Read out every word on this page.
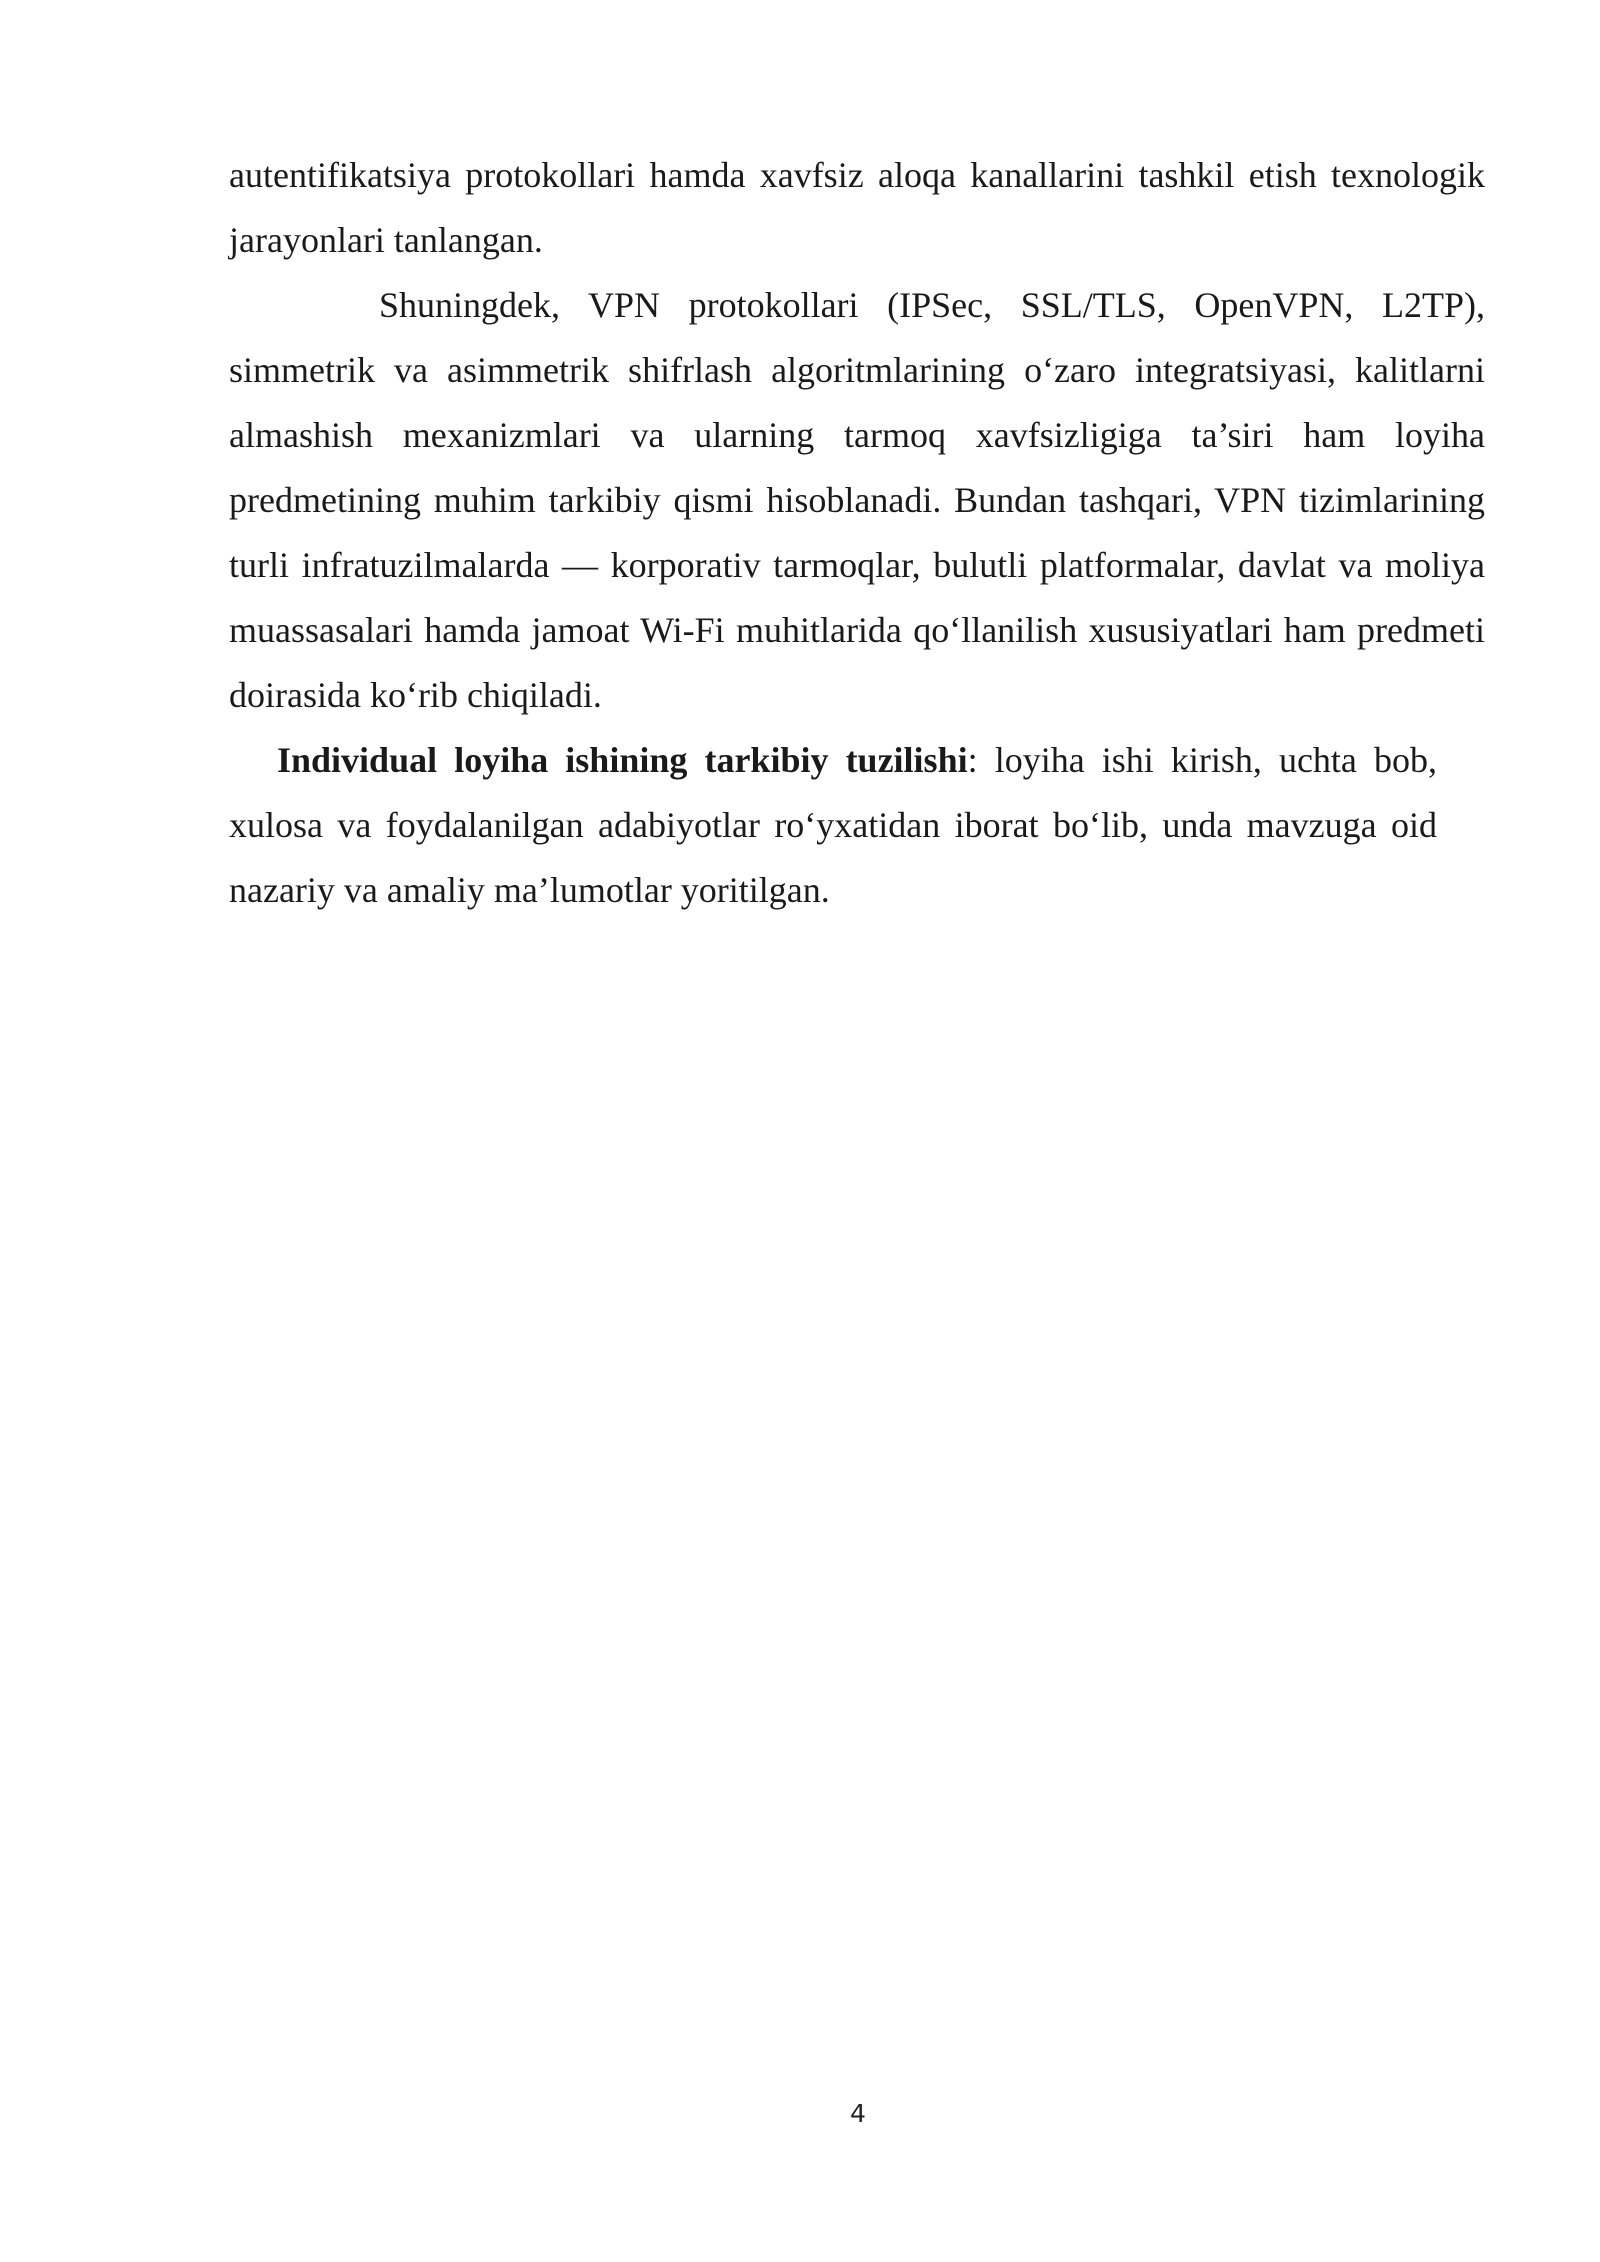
autentifikatsiya protokollari hamda xavfsiz aloqa kanallarini tashkil etish texnologik jarayonlari tanlangan.

Shuningdek, VPN protokollari (IPSec, SSL/TLS, OpenVPN, L2TP), simmetrik va asimmetrik shifrlash algoritmlarining o‘zaro integratsiyasi, kalitlarni almashish mexanizmlari va ularning tarmoq xavfsizligiga ta’siri ham loyiha predmetining muhim tarkibiy qismi hisoblanadi. Bundan tashqari, VPN tizimlarining turli infratuzilmalarda — korporativ tarmoqlar, bulutli platformalar, davlat va moliya muassasalari hamda jamoat Wi-Fi muhitlarida qo‘llanilish xususiyatlari ham predmeti doirasida ko‘rib chiqiladi.

Individual loyiha ishining tarkibiy tuzilishi: loyiha ishi kirish, uchta bob, xulosa va foydalanilgan adabiyotlar ro‘yxatidan iborat bo‘lib, unda mavzuga oid nazariy va amaliy ma’lumotlar yoritilgan.

4
